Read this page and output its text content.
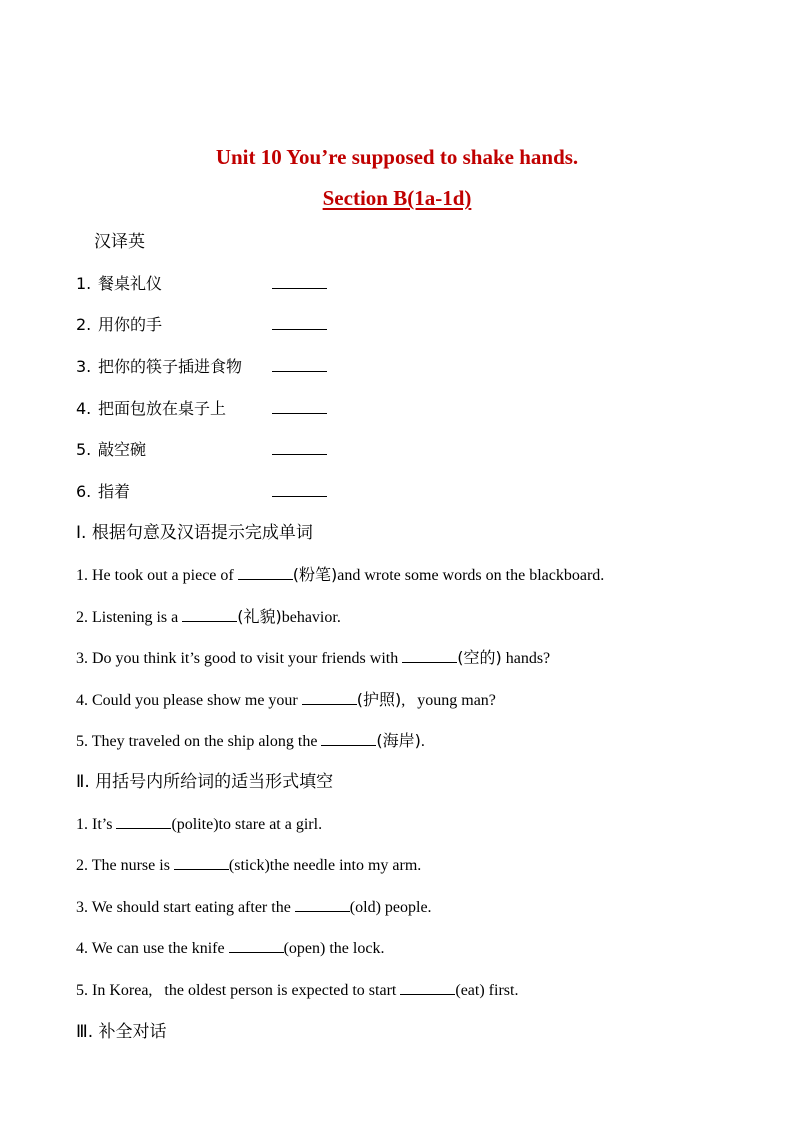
Unit 10 You’re supposed to shake hands.
Section B(1a-1d)
汉译英
1. 餐桌礼仪
2. 用你的手
3. 把你的筷子插进食物
4. 把面包放在桌子上
5. 敲空碗
6. 指着
Ⅰ. 根据句意及汉语提示完成单词
1. He took out a piece of	(粉笔)and wrote some words on the blackboard.
2. Listening is a	(礼貌)behavior.
3. Do you think it’s good to visit your friends with	(空的) hands?
4. Could you please show me your	(护照),   young man?
5. They traveled on the ship along the	(海岸).
Ⅱ. 用括号内所给词的适当形式填空
1. It’s	(polite)to stare at a girl.
2. The nurse is	(stick)the needle into my arm.
3. We should start eating after the	(old) people.
4. We can use the knife	(open) the lock.
5. In Korea,   the oldest person is expected to start	(eat) first.
Ⅲ. 补全对话
